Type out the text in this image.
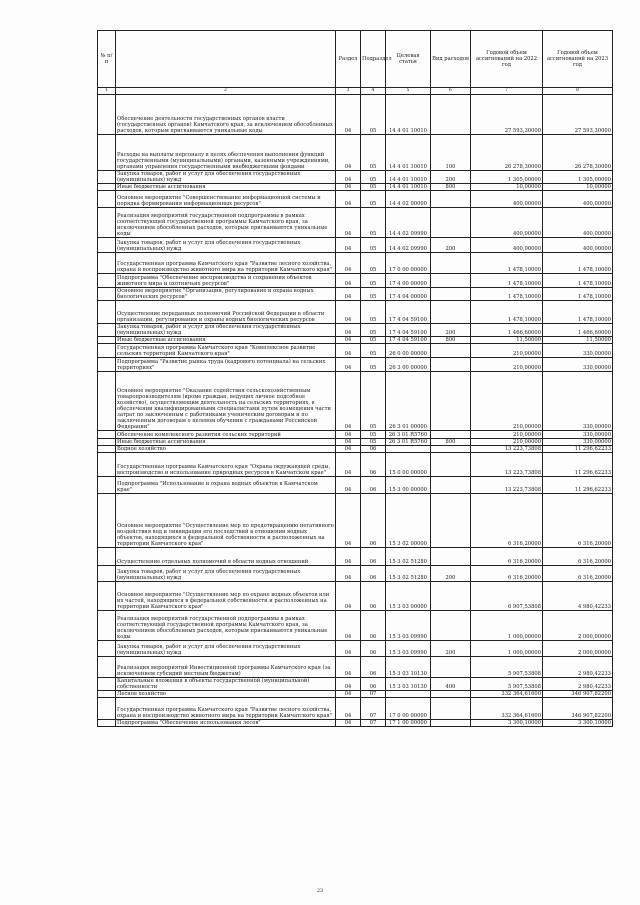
№ п/п		Раздел	Подраздел	Целевая статья	Вид расходов	Годовой объем ассигнований на 2022 год	Годовой объем ассигнований на 2023 год
1	2	3	4	5	6	7	8
	Обеспечение деятельности государственных органов власти (государственных органов) Камчатского края, за исключением обособленных расходов, которым присваиваются уникальные коды	04	05	14 4 01 10010		27 593,30000	27 593,30000
	Расходы на выплаты персоналу в целях обеспечения выполнения функций государственными (муниципальными) органами, казенными учреждениями, органами управления государственными внебюджетными фондами	04	05	14 4 01 10010	100	26 278,30000	26 278,30000
	Закупка товаров, работ и услуг для обеспечения государственных (муниципальных) нужд	04	05	14 4 01 10010	200	1 305,00000	1 305,00000
	Иные бюджетные ассигнования	04	05	14 4 01 10010	800	10,00000	10,00000
	Основное мероприятие "Совершенствование информационной системы и порядка формирования информационных ресурсов"	04	05	14 4 02 00000		400,00000	400,00000
	Реализация мероприятий государственной подпрограммы в рамках соответствующей государственной программы Камчатского края, за исключением обособленных расходов, которым присваиваются уникальные коды	04	05	14 4 02 09990		400,00000	400,00000
	Закупка товаров, работ и услуг для обеспечения государственных (муниципальных) нужд	04	05	14 4 02 09990	200	400,00000	400,00000
	Государственная программа Камчатского края "Развитие лесного хозяйства, охрана и воспроизводство животного мира на территории Камчатского края"	04	05	17 0 00 00000		1 478,10000	1 478,10000
	Подпрограмма "Обеспечение воспроизводства и сохранения объектов животного мира и охотничьих ресурсов"	04	05	17 4 00 00000		1 478,10000	1 478,10000
	Основное мероприятие "Организация, регулирование и охрана водных биологических ресурсов"	04	05	17 4 04 00000		1 478,10000	1 478,10000
	Осуществление переданных полномочий Российской Федерации в области организации, регулирования и охраны водных биологических ресурсов	04	05	17 4 04 59100		1 478,10000	1 478,10000
	Закупка товаров, работ и услуг для обеспечения государственных (муниципальных) нужд	04	05	17 4 04 59100	200	1 466,60000	1 466,60000
	Иные бюджетные ассигнования	04	05	17 4 04 59100	800	11,50000	11,50000
	Государственная программа Камчатского края "Комплексное развитие сельских территорий Камчатского края"	04	05	26 0 00 00000		210,00000	330,00000
	Подпрограмма "Развитие рынка труда (кадрового потенциала) на сельских территориях"	04	05	26 3 00 00000		210,00000	330,00000
	Основное мероприятие "Оказание содействия сельскохозяйственным товаропроизводителям (кроме граждан, ведущих личное подсобное хозяйство), осуществляющим деятельность на сельских территориях, в обеспечении квалифицированными специалистами путем возмещения части затрат по заключенным с работниками ученическим договорам и по заключенным договорам о целевом обучении с гражданами Российской Федерации"	04	05	26 3 01 00000		210,00000	330,00000
	Обеспечение комплексного развития сельских территорий	04	05	26 3 01 R5760		210,00000	330,00000
	Иные бюджетные ассигнования	04	05	26 3 01 R5760	800	210,00000	330,00000
	Водное хозяйство	04	06			13 223,73808	11 296,62233
	Государственная программа Камчатского края "Охрана окружающей среды, воспроизводство и использование природных ресурсов в Камчатском крае"	04	06	15 0 00 00000		13 223,73808	11 296,62233
	Подпрограмма "Использование и охрана водных объектов в Камчатском крае"	04	06	15 3 00 00000		13 223,73808	11 296,62233
	Основное мероприятие "Осуществление мер по предотвращению негативного воздействия вод и ликвидации его последствий в отношении водных объектов, находящихся в федеральной собственности и расположенных на территории Камчатского края"	04	06	15 3 02 00000		6 316,20000	6 316,20000
	Осуществление отдельных полномочий в области водных отношений	04	06	15 3 02 51280		6 316,20000	6 316,20000
	Закупка товаров, работ и услуг для обеспечения государственных (муниципальных) нужд	04	06	15 3 02 51280	200	6 316,20000	6 316,20000
	Основное мероприятие "Осуществление мер по охране водных объектов или их частей, находящихся в федеральной собственности и расположенных на территории Камчатского края"	04	06	15 3 03 00000		6 907,53808	4 980,42233
	Реализация мероприятий государственной подпрограммы в рамках соответствующей государственной программы Камчатского края, за исключением обособленных расходов, которым присваиваются уникальные коды	04	06	15 3 03 09990		1 000,00000	2 000,00000
	Закупка товаров, работ и услуг для обеспечения государственных (муниципальных) нужд	04	06	15 3 03 09990	200	1 000,00000	2 000,00000
	Реализация мероприятий Инвестиционной программы Камчатского края (за исключением субсидий местным бюджетам)	04	06	15 3 03 10130		5 907,53808	2 980,42233
	Капитальные вложения в объекты государственной (муниципальной) собственности	04	06	15 3 03 10130	400	5 907,53808	2 980,42233
	Лесное хозяйство	04	07			332 364,61600	346 907,82200
	Государственная программа Камчатского края "Развитие лесного хозяйства, охрана и воспроизводство животного мира на территории Камчатского края"	04	07	17 0 00 00000		332 364,61600	346 907,82200
	Подпрограмма "Обеспечение использования лесов"	04	07	17 1 00 00000		3 300,10000	3 300,10000
23
